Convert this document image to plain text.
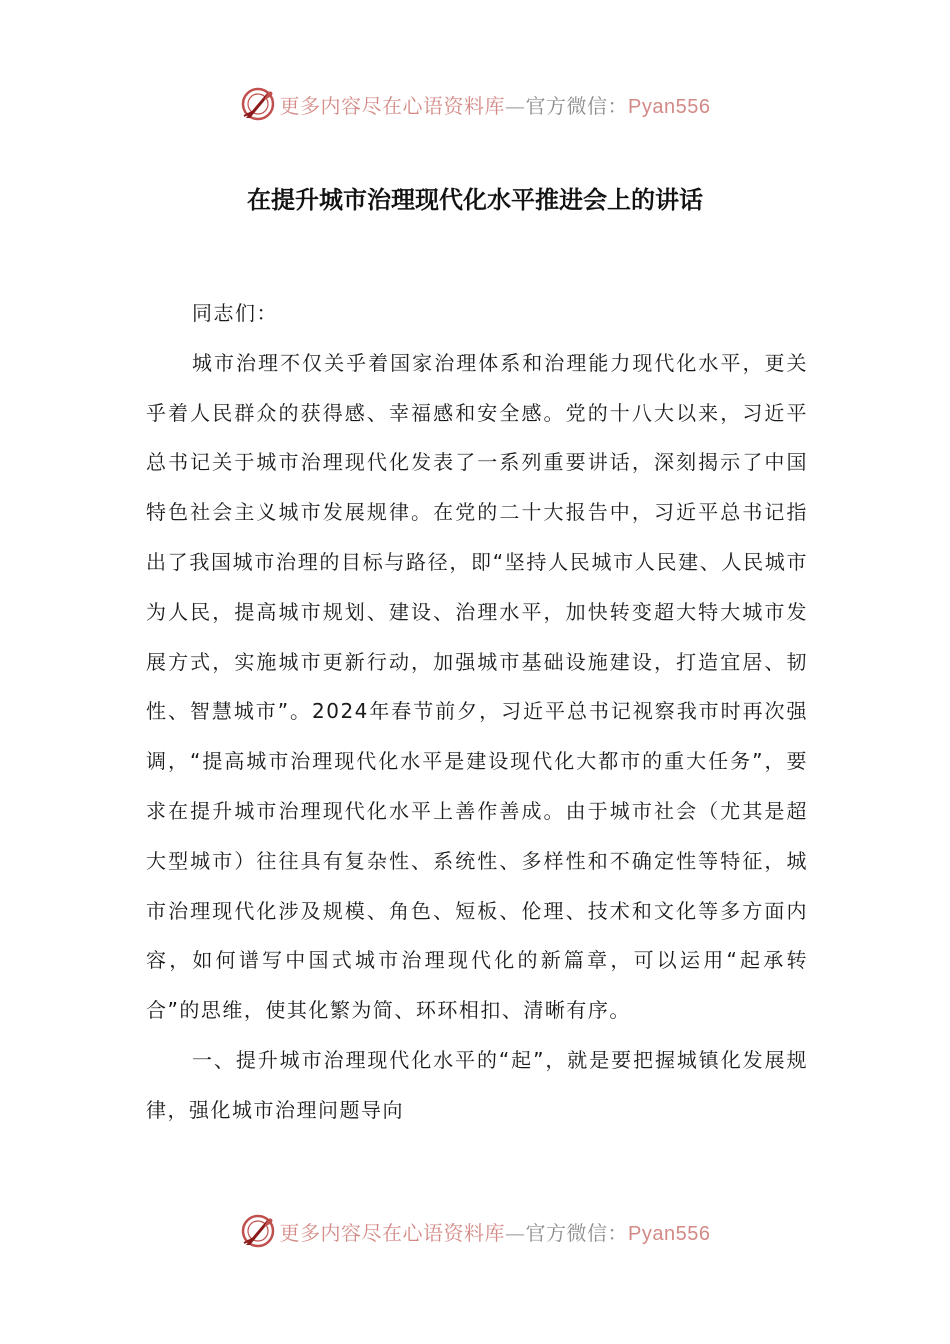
更多内容尽在心语资料库—官方微信：Pyan556
在提升城市治理现代化水平推进会上的讲话

同志们：

城市治理不仅关乎着国家治理体系和治理能力现代化水平，更关乎着人民群众的获得感、幸福感和安全感。党的十八大以来，习近平总书记关于城市治理现代化发表了一系列重要讲话，深刻揭示了中国特色社会主义城市发展规律。在党的二十大报告中，习近平总书记指出了我国城市治理的目标与路径，即“坚持人民城市人民建、人民城市为人民，提高城市规划、建设、治理水平，加快转变超大特大城市发展方式，实施城市更新行动，加强城市基础设施建设，打造宜居、韧性、智慧城市”。2024年春节前夕，习近平总书记视察我市时再次强调，“提高城市治理现代化水平是建设现代化大都市的重大任务”，要求在提升城市治理现代化水平上善作善成。由于城市社会（尤其是超大型城市）往往具有复杂性、系统性、多样性和不确定性等特征，城市治理现代化涉及规模、角色、短板、伦理、技术和文化等多方面内容，如何谱写中国式城市治理现代化的新篇章，可以运用“起承转合”的思维，使其化繁为简、环环相扣、清晰有序。

一、提升城市治理现代化水平的“起”，就是要把握城镇化发展规律，强化城市治理问题导向

更多内容尽在心语资料库—官方微信：Pyan556
